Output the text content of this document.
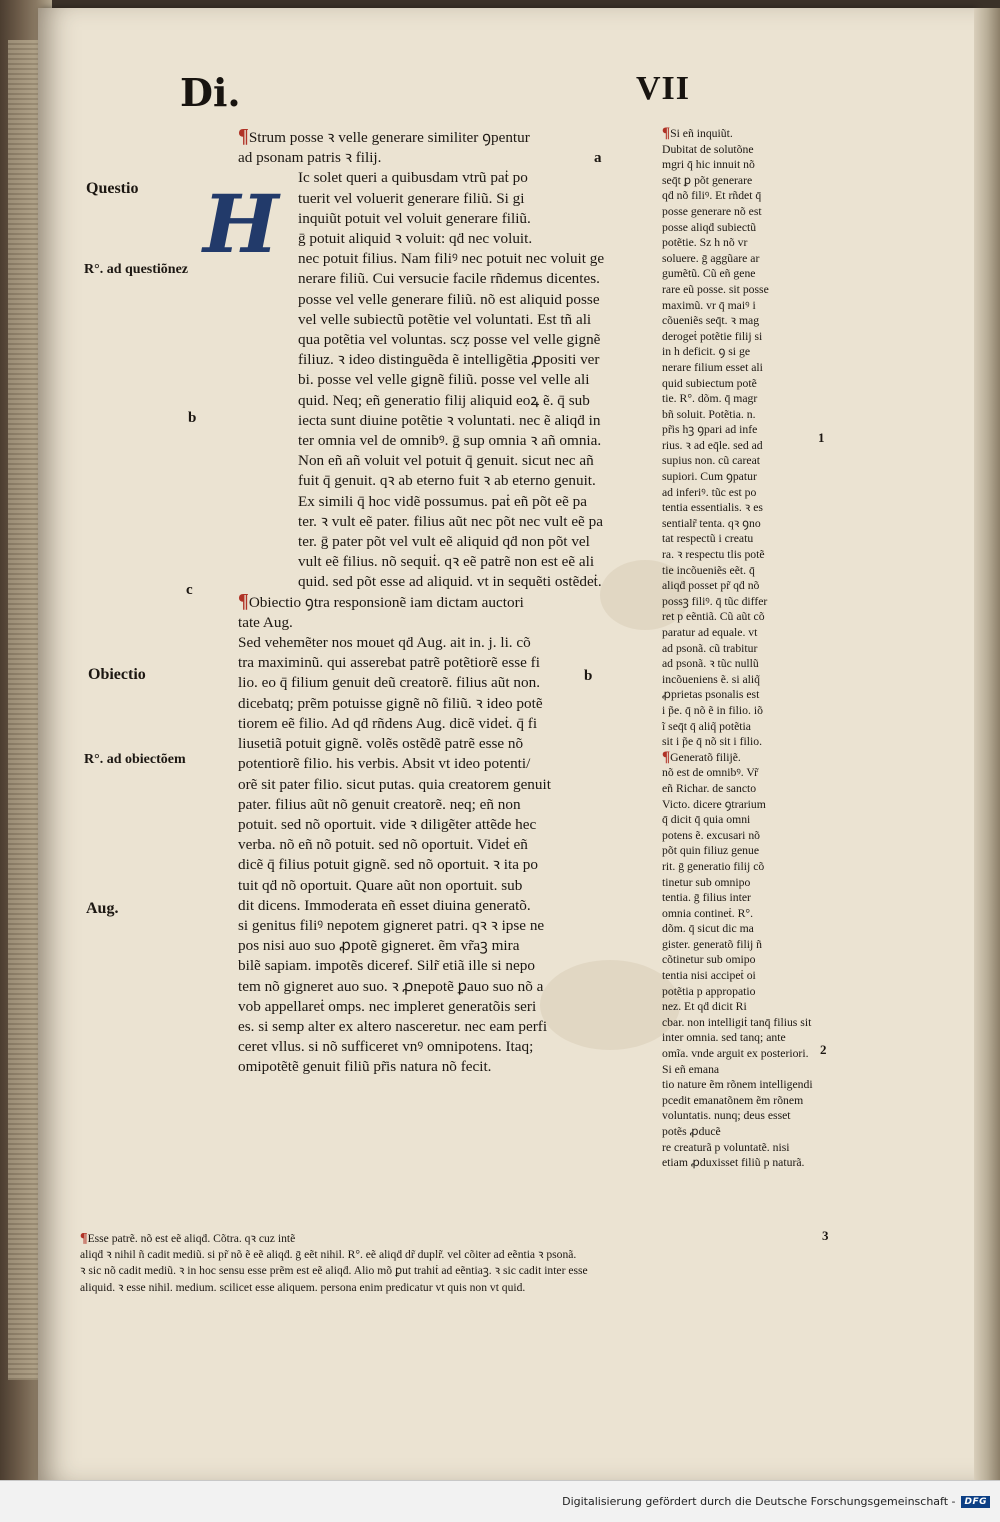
Di.	VII
H
Questio
R°. ad questiõnez
Obiectio
R°. ad obiectõem
Aug.
a
b
c
b

¶Strum posse ꝛ velle generare similiter ꝯpentur
ad psonam patris ꝛ filij.

Ic solet queri a quibusdam vtrũ paṫ po
tuerit vel voluerit generare filiũ. Si gi
inquiũt potuit vel voluit generare filiũ.
ḡ potuit aliquid ꝛ voluit: qḋ nec voluit.
nec potuit filius. Nam filiꝰ nec potuit nec voluit ge
nerare filiũ. Cui versucie facile rñdemus dicentes.
posse vel velle generare filiũ. nõ est aliquid posse
vel velle subiectũ potẽtie vel voluntati. Est tñ ali
qua potẽtia vel voluntas. scẓ posse vel velle gignẽ
filiuz. ꝛ ideo distinguẽda ẽ intelligẽtia ꝓpositi ver
bi. posse vel velle gignẽ filiũ. posse vel velle ali
quid. Neq; eñ generatio filij aliquid eoꝝ ẽ. q̄ sub
iecta sunt diuine potẽtie ꝛ voluntati. nec ẽ aliqḋ in
ter omnia vel de omnibꝰ. ḡ sup omnia ꝛ añ omnia.
Non eñ añ voluit vel potuit q̄ genuit. sicut nec añ
fuit q̄ genuit. qꝛ ab eterno fuit ꝛ ab eterno genuit.
Ex simili q̄ hoc vidẽ possumus. paṫ eñ põt eẽ pa
ter. ꝛ vult eẽ pater. filius aũt nec põt nec vult eẽ pa
ter. ḡ pater põt vel vult eẽ aliquid qḋ non põt vel
vult eẽ filius. nõ sequiṫ. qꝛ eẽ patrẽ non est eẽ ali
quid. sed põt esse ad aliquid. vt in sequẽti ostẽdeṫ.

¶Obiectio ꝯtra responsionẽ iam dictam auctori
tate Aug.

Sed vehemẽter nos mouet qḋ Aug. ait in. j. li. cõ
tra maximinũ. qui asserebat patrẽ potẽtiorẽ esse fi
lio. eo q̄ filium genuit deũ creatorẽ. filius aũt non.
dicebatq; prẽm potuisse gignẽ nõ filiũ. ꝛ ideo potẽ
tiorem eẽ filio. Ad qḋ rñdens Aug. dicẽ videṫ. q̄ fi
liusetiã potuit gignẽ. volẽs ostẽdẽ patrẽ esse nõ
potentiorẽ filio. his verbis. Absit vt ideo potenti/
orẽ sit pater filio. sicut putas. quia creatorem genuit
pater. filius aũt nõ genuit creatorẽ. neq; eñ non
potuit. sed nõ oportuit. vide ꝛ diligẽter attẽde hec
verba. nõ eñ nõ potuit. sed nõ oportuit. Videṫ eñ
dicẽ q̄ filius potuit gignẽ. sed nõ oportuit. ꝛ ita po
tuit qḋ nõ oportuit. Quare aũt non oportuit. sub
dit dicens. Immoderata eñ esset diuina generatõ.
si genitus filiꝰ nepotem gigneret patri. qꝛ ꝛ ipse ne
pos nisi auo suo ꝓpotẽ gigneret. ẽm vr̃aꝫ mira
bilẽ sapiam. impotẽs diceref. Silr̃ etiã ille si nepo
tem nõ gigneret auo suo. ꝛ ꝓnepotẽ ꝑauo suo nõ a
vob appellareṫ omps. nec impleret generatõis seri
es. si semp alter ex altero nasceretur. nec eam perfi
ceret vllus. si nõ sufficeret vnꝰ omnipotens. Itaq;
omipotẽtẽ genuit filiũ pr̃is natura nõ fecit.

¶Si eñ inquiũt.
Dubitat de solutõne
mgri q̄ hic innuit nõ
seq̄t ꝑ põt generare
qḋ nõ filiꝰ. Et rñdet q̄
posse generare nõ est
posse aliqḋ subiectũ
potẽtie. Sz h nõ vr
soluere. ḡ aggũare ar
gumẽtũ. Cũ eñ gene
rare eũ posse. sit posse
maximũ. vr q̄ maiꝰ i
cõueniẽs seq̄t. ꝛ mag
derogeṫ potẽtie filij si
in h deficit. ꝯ si ge
nerare filium esset ali
quid subiectum potẽ
tie. R°. dõm. q̄ magr
bñ soluit. Potẽtia. n.
pr̃is hꝫ ꝯpari ad infe
rius. ꝛ ad eq̄le. sed ad
supius non. cũ careat
supiori. Cum ꝯpatur
ad inferiꝰ. tũc est po
tentia essentialis. ꝛ es
sentialr̃ tenta. qꝛ ꝯno
tat respectũ i creatu
ra. ꝛ respectu tlis potẽ
tie incõueniẽs eẽt. q̄
aliqḋ posset pr̃ qḋ nõ
possꝫ filiꝰ. q̄ tũc differ
ret p eẽntiã. Cũ aũt cõ
paratur ad equale. vt
ad psonã. cũ trabitur
ad psonã. ꝛ tũc nullũ
incõueniens ẽ. si aliq̃
ꝓprietas psonalis est
i p̃e. q̄ nõ ẽ in filio. iõ
ĩ seq̄t q̄ aliq̃ potẽtia
sit i p̃e q̄ nõ sit i filio.

¶Generatõ filijẽ.
nõ est de omnibꝰ. Vr̃
eñ Richar. de sancto
Victo. dicere ꝯtrarium
q̄ dicit q̄ quia omni
potens ẽ. excusari nõ
põt quin filiuz genue
rit. ḡ generatio filij cõ
tinetur sub omnipo
tentia. ḡ filius inter
omnia contineṫ. R°.
dõm. q̄ sicut dic ma
gister. generatõ filij ñ
cõtinetur sub omipo
tentia nisi accipeṫ oi
potẽtia p appropatio
nez. Et qḋ dicit Ri
cbar. non intelligiṫ tanq̄ filius sit inter omnia. sed tanq; ante omĩa. vnde arguit ex posteriori. Si eñ emana
tio nature ẽm rõnem intelligendi pcedit emanatõnem ẽm rõnem voluntatis. nunq; deus esset potẽs ꝓducẽ
re creaturã p voluntatẽ. nisi etiam ꝓduxisset filiũ p naturã.

1
2
3

¶Esse patrẽ. nõ est eẽ aliqḋ. Cõtra. qꝛ cuz intẽ
aliqḋ ꝛ nihil ñ cadit mediũ. si pr̃ nõ ẽ eẽ aliqḋ. ḡ eẽt nihil. R°. eẽ aliqḋ dr̃ duplr̃. vel cõiter ad eẽntia ꝛ psonã.
ꝛ sic nõ cadit mediũ. ꝛ in hoc sensu esse prẽm est eẽ aliqḋ. Alio mõ ꝑut trahiṫ ad eẽntiaꝫ. ꝛ sic cadit inter esse
aliquid. ꝛ esse nihil. medium. scilicet esse aliquem. persona enim predicatur vt quis non vt quid.

Digitalisierung gefördert durch die Deutsche Forschungsgemeinschaft -	DFG
